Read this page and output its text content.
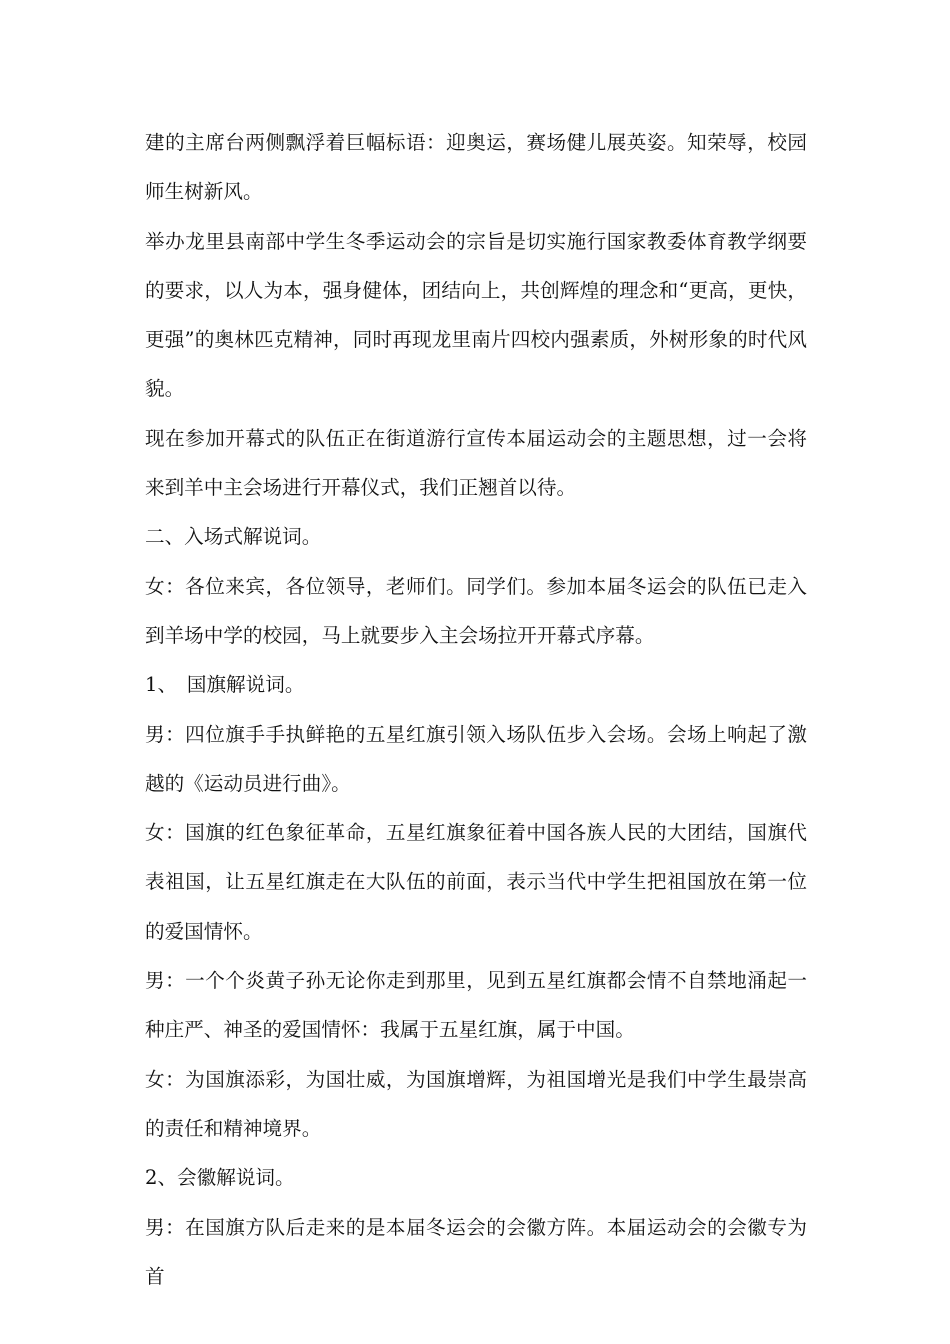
建的主席台两侧飘浮着巨幅标语：迎奥运，赛场健儿展英姿。知荣辱，校园师生树新风。

举办龙里县南部中学生冬季运动会的宗旨是切实施行国家教委体育教学纲要的要求，以人为本，强身健体，团结向上，共创辉煌的理念和“更高，更快，更强”的奥林匹克精神，同时再现龙里南片四校内强素质，外树形象的时代风貌。

现在参加开幕式的队伍正在街道游行宣传本届运动会的主题思想，过一会将来到羊中主会场进行开幕仪式，我们正翘首以待。

二、入场式解说词。

女：各位来宾，各位领导，老师们。同学们。参加本届冬运会的队伍已走入到羊场中学的校园，马上就要步入主会场拉开开幕式序幕。

1、　国旗解说词。

男：四位旗手手执鲜艳的五星红旗引领入场队伍步入会场。会场上响起了激越的《运动员进行曲》。

女：国旗的红色象征革命，五星红旗象征着中国各族人民的大团结，国旗代表祖国，让五星红旗走在大队伍的前面，表示当代中学生把祖国放在第一位的爱国情怀。

男：一个个炎黄子孙无论你走到那里，见到五星红旗都会情不自禁地涌起一种庄严、神圣的爱国情怀：我属于五星红旗，属于中国。

女：为国旗添彩，为国壮威，为国旗增辉，为祖国增光是我们中学生最崇高的责任和精神境界。

2、会徽解说词。

男：在国旗方队后走来的是本届冬运会的会徽方阵。本届运动会的会徽专为首
